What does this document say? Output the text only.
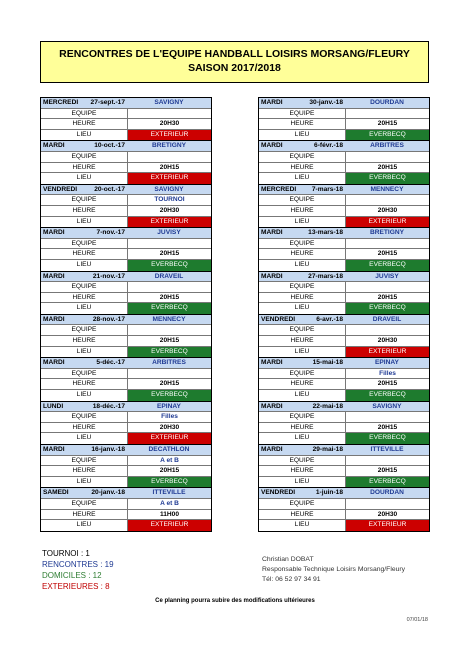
RENCONTRES DE L'EQUIPE HANDBALL LOISIRS MORSANG/FLEURY
SAISON 2017/2018
MERCREDI	27-sept.-17	SAVIGNY
EQUIPE
HEURE	20H30
LIEU	EXTERIEUR
MARDI	10-oct.-17	BRETIGNY
EQUIPE
HEURE	20H15
LIEU	EXTERIEUR
VENDREDI	20-oct.-17	SAVIGNY
EQUIPE	TOURNOI
HEURE	20H30
LIEU	EXTERIEUR
MARDI	7-nov.-17	JUVISY
EQUIPE
HEURE	20H15
LIEU	EVERBECQ
MARDI	21-nov.-17	DRAVEIL
EQUIPE
HEURE	20H15
LIEU	EVERBECQ
MARDI	28-nov.-17	MENNECY
EQUIPE
HEURE	20H15
LIEU	EVERBECQ
MARDI	5-déc.-17	ARBITRES
EQUIPE
HEURE	20H15
LIEU	EVERBECQ
LUNDI	18-déc.-17	EPINAY
EQUIPE	Filles
HEURE	20H30
LIEU	EXTERIEUR
MARDI	16-janv.-18	DECATHLON
EQUIPE	A et B
HEURE	20H15
LIEU	EVERBECQ
SAMEDI	20-janv.-18	ITTEVILLE
EQUIPE	A et B
HEURE	11H00
LIEU	EXTERIEUR
MARDI	30-janv.-18	DOURDAN
EQUIPE
HEURE	20H15
LIEU	EVERBECQ
MARDI	6-févr.-18	ARBITRES
EQUIPE
HEURE	20H15
LIEU	EVERBECQ
MERCREDI	7-mars-18	MENNECY
EQUIPE
HEURE	20H30
LIEU	EXTERIEUR
MARDI	13-mars-18	BRETIGNY
EQUIPE
HEURE	20H15
LIEU	EVERBECQ
MARDI	27-mars-18	JUVISY
EQUIPE
HEURE	20H15
LIEU	EVERBECQ
VENDREDI	6-avr.-18	DRAVEIL
EQUIPE
HEURE	20H30
LIEU	EXTERIEUR
MARDI	15-mai-18	EPINAY
EQUIPE	Filles
HEURE	20H15
LIEU	EVERBECQ
MARDI	22-mai-18	SAVIGNY
EQUIPE
HEURE	20H15
LIEU	EVERBECQ
MARDI	29-mai-18	ITTEVILLE
EQUIPE
HEURE	20H15
LIEU	EVERBECQ
VENDREDI	1-juin-18	DOURDAN
EQUIPE
HEURE	20H30
LIEU	EXTERIEUR
TOURNOI : 1
RENCONTRES : 19
DOMICILES : 12
EXTERIEURES : 8
Christian DOBAT
Responsable Technique Loisirs Morsang/Fleury
Tél: 06 52 97 34 91
Ce planning pourra subire des modifications ultérieures
07/01/18
